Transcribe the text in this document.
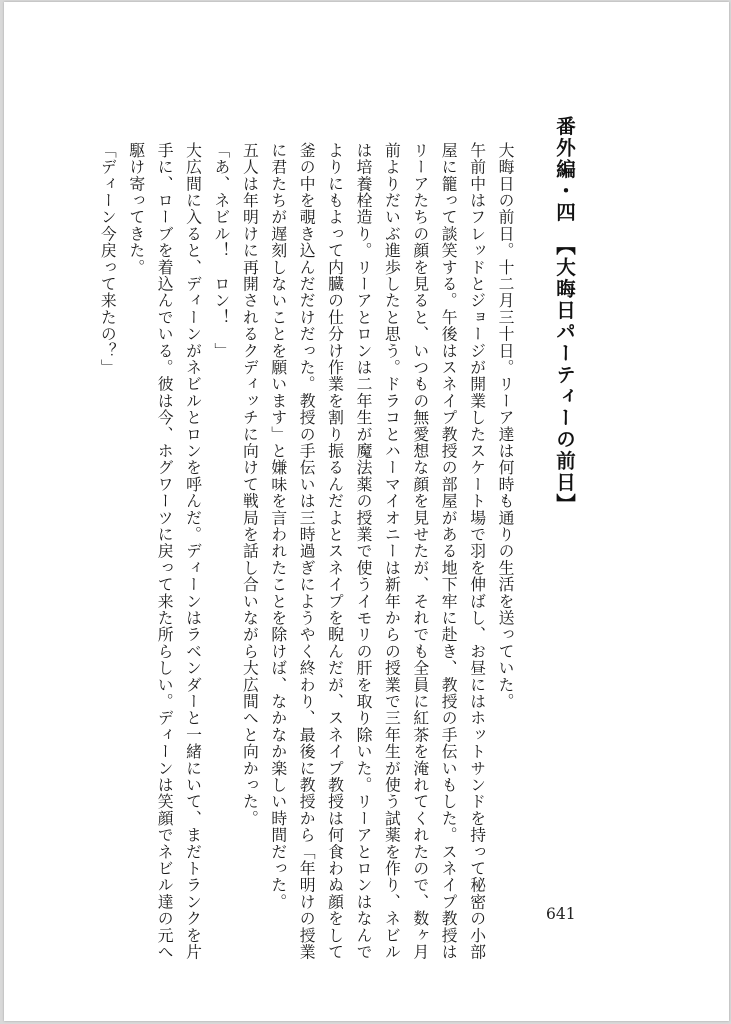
番外編・四　【大晦日パーティーの前日】

大晦日の前日。十二月三十日。リーア達は何時も通りの生活を送っていた。

午前中はフレッドとジョージが開業したスケート場で羽を伸ばし、お昼にはホットサンドを持って秘密の小部屋に籠って談笑する。午後はスネイプ教授の部屋がある地下牢に赴き、教授の手伝いもした。スネイプ教授はリーアたちの顔を見ると、いつもの無愛想な顔を見せたが、それでも全員に紅茶を淹れてくれたので、数ヶ月前よりだいぶ進歩したと思う。ドラコとハーマイオニーは新年からの授業で三年生が使う試薬を作り、ネビルは培養栓造り。リーアとロンは二年生が魔法薬の授業で使うイモリの肝を取り除いた。リーアとロンはなんでよりにもよって内臓の仕分け作業を割り振るんだよとスネイプを睨んだが、スネイプ教授は何食わぬ顔をして釜の中を覗き込んだだけだった。教授の手伝いは三時過ぎにようやく終わり、最後に教授から「年明けの授業に君たちが遅刻しないことを願います」と嫌味を言われたことを除けば、なかなか楽しい時間だった。

五人は年明けに再開されるクディッチに向けて戦局を話し合いながら大広間へと向かった。

「あ、ネビル！　ロン！　」

大広間に入ると、ディーンがネビルとロンを呼んだ。ディーンはラベンダーと一緒にいて、まだトランクを片手に、ローブを着込んでいる。彼は今、ホグワーツに戻って来た所らしい。ディーンは笑顔でネビル達の元へ駆け寄ってきた。

「ディーン今戻って来たの？」

641
